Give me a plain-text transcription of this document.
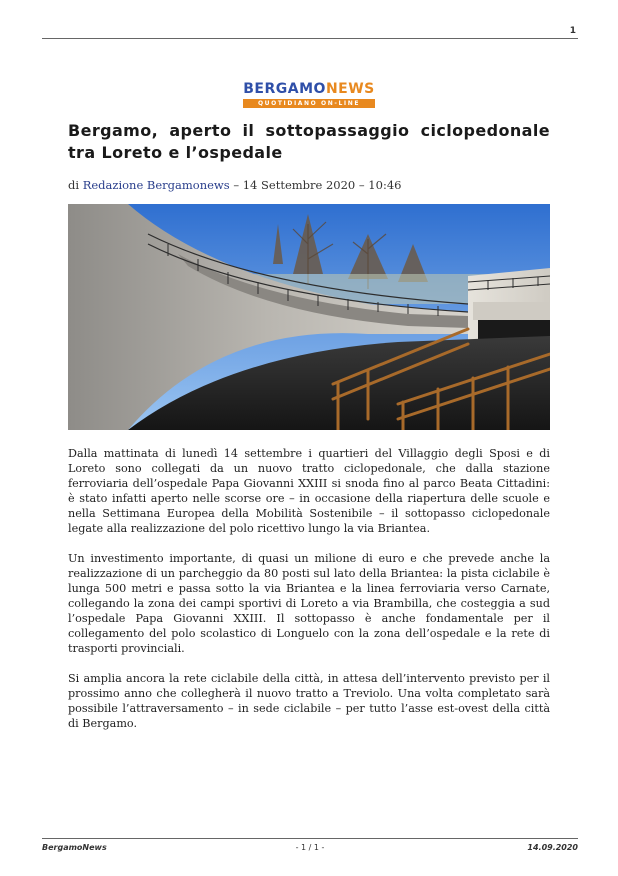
1
BERGAMONEWS
QUOTIDIANO ON-LINE
Bergamo, aperto il sottopassaggio ciclopedonale tra Loreto e l’ospedale
di Redazione Bergamonews – 14 Settembre 2020 – 10:46

Dalla mattinata di lunedì 14 settembre i quartieri del Villaggio degli Sposi e di Loreto sono collegati da un nuovo tratto ciclopedonale, che dalla stazione ferroviaria dell’ospedale Papa Giovanni XXIII si snoda fino al parco Beata Cittadini: è stato infatti aperto nelle scorse ore – in occasione della riapertura delle scuole e nella Settimana Europea della Mobilità Sostenibile – il sottopasso ciclopedonale legate alla realizzazione del polo ricettivo lungo la via Briantea.

Un investimento importante, di quasi un milione di euro e che prevede anche la realizzazione di un parcheggio da 80 posti sul lato della Briantea: la pista ciclabile è lunga 500 metri e passa sotto la via Briantea e la linea ferroviaria verso Carnate, collegando la zona dei campi sportivi di Loreto a via Brambilla, che costeggia a sud l’ospedale Papa Giovanni XXIII. Il sottopasso è anche fondamentale per il collegamento del polo scolastico di Longuelo con la zona dell’ospedale e la rete di trasporti provinciali.

Si amplia ancora la rete ciclabile della città, in attesa dell’intervento previsto per il prossimo anno che collegherà il nuovo tratto a Treviolo. Una volta completato sarà possibile l’attraversamento – in sede ciclabile – per tutto l’asse est-ovest della città di Bergamo.

BergamoNews	- 1 / 1 -	14.09.2020
